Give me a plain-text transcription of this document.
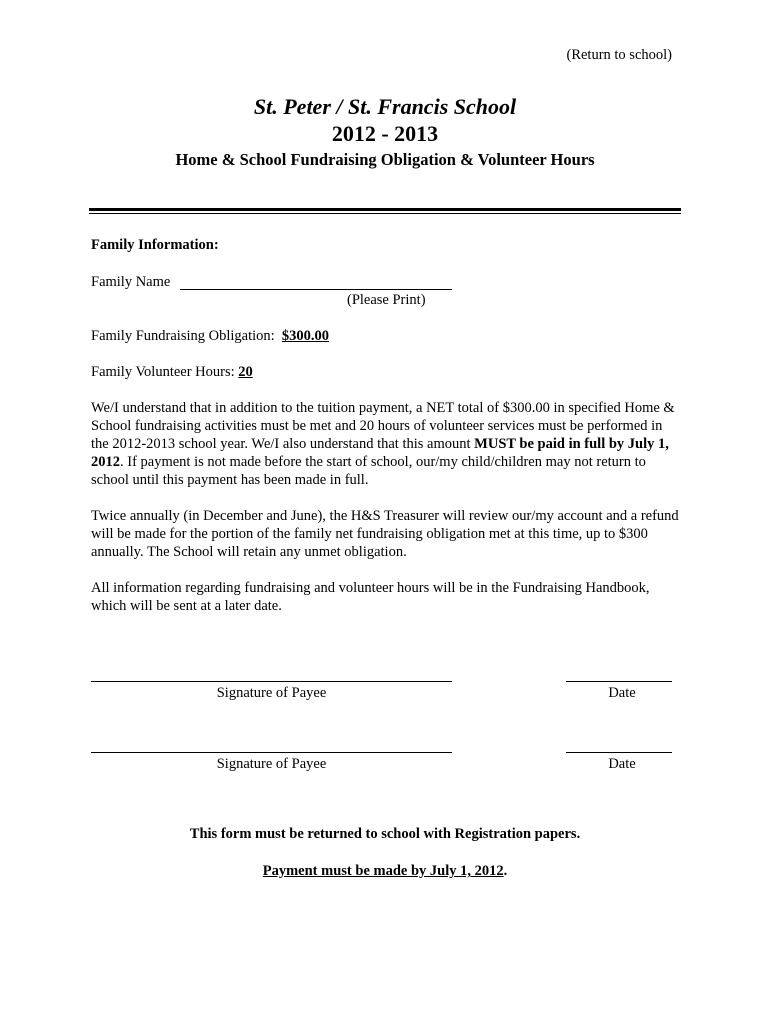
(Return to school)
St. Peter / St. Francis School
2012 - 2013
Home & School Fundraising Obligation & Volunteer Hours
Family Information:
Family Name
(Please Print)
Family Fundraising Obligation: $300.00
Family Volunteer Hours: 20
We/I understand that in addition to the tuition payment, a NET total of $300.00 in specified Home & School fundraising activities must be met and 20 hours of volunteer services must be performed in the 2012-2013 school year. We/I also understand that this amount MUST be paid in full by July 1, 2012. If payment is not made before the start of school, our/my child/children may not return to school until this payment has been made in full.
Twice annually (in December and June), the H&S Treasurer will review our/my account and a refund will be made for the portion of the family net fundraising obligation met at this time, up to $300 annually. The School will retain any unmet obligation.
All information regarding fundraising and volunteer hours will be in the Fundraising Handbook, which will be sent at a later date.
Signature of Payee	Date
Signature of Payee	Date
This form must be returned to school with Registration papers.
Payment must be made by July 1, 2012.
